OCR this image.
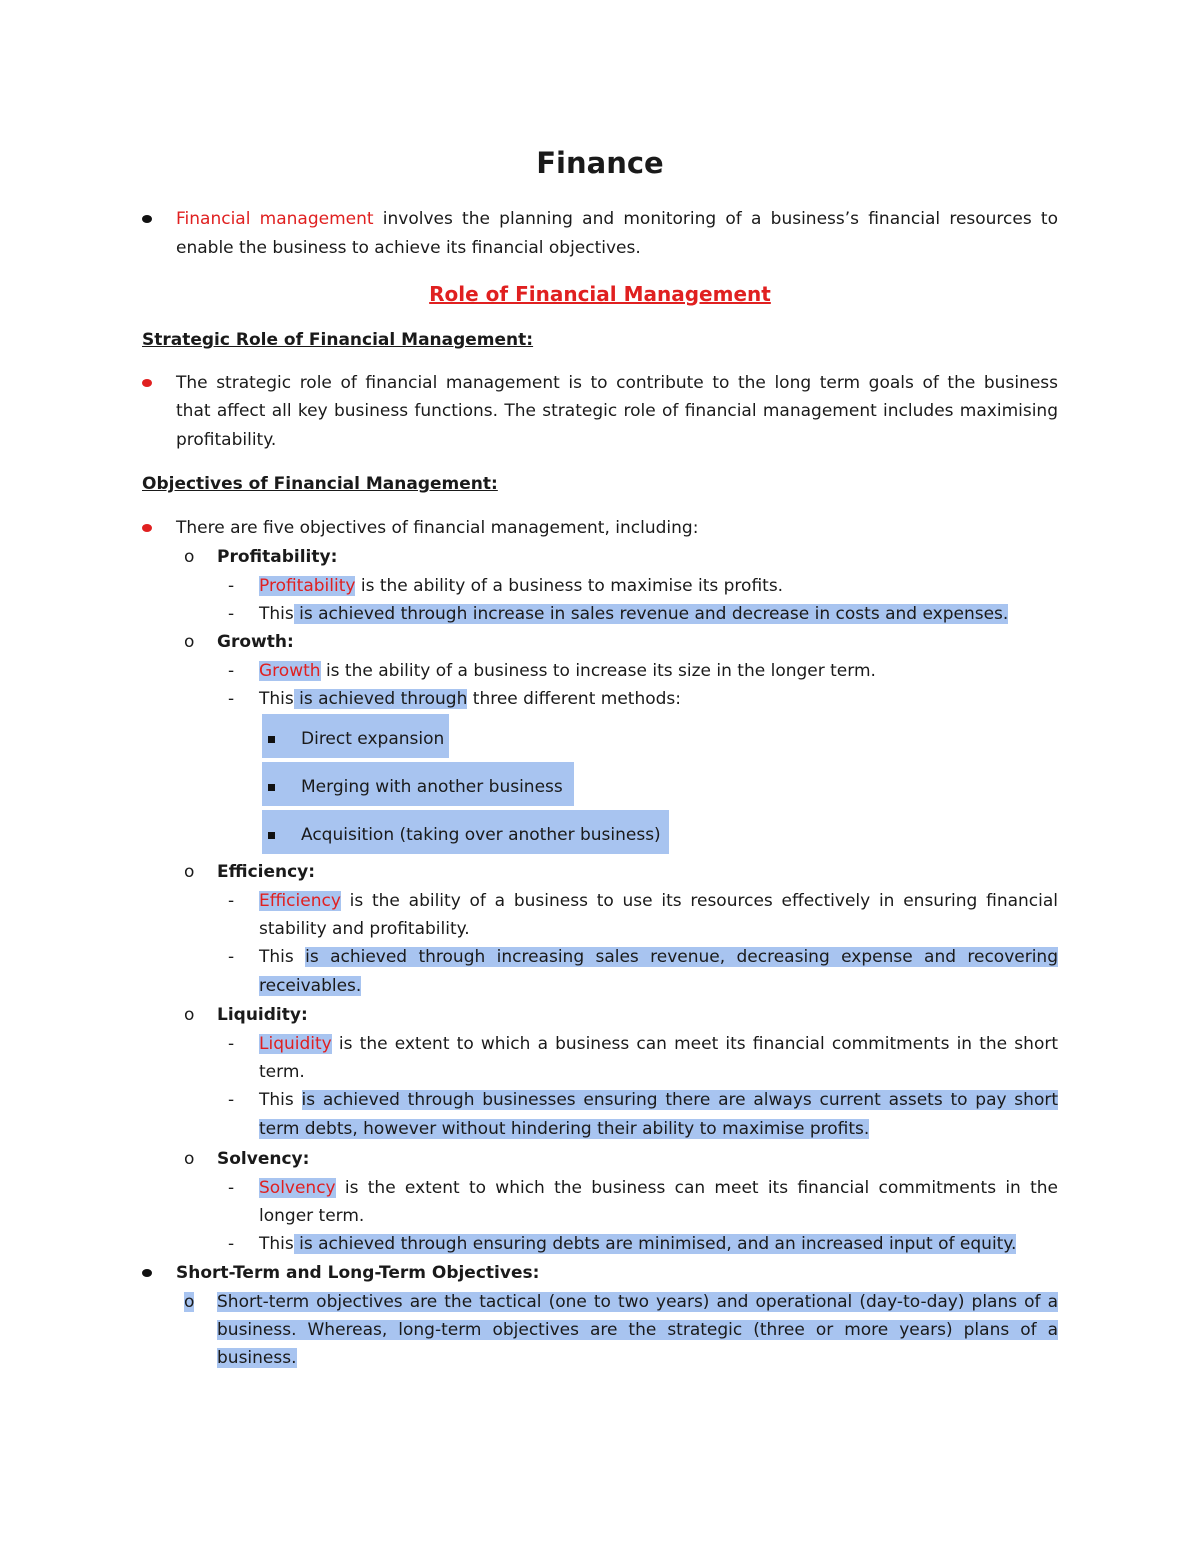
Finance
Financial management involves the planning and monitoring of a business’s financial resources to
enable the business to achieve its financial objectives.
Role of Financial Management
Strategic Role of Financial Management:
The strategic role of financial management is to contribute to the long term goals of the business
that affect all key business functions. The strategic role of financial management includes maximising
profitability.
Objectives of Financial Management:
There are five objectives of financial management, including:
o Profitability:
- Profitability is the ability of a business to maximise its profits.
- This is achieved through increase in sales revenue and decrease in costs and expenses.
o Growth:
- Growth is the ability of a business to increase its size in the longer term.
- This is achieved through three different methods:
Direct expansion
Merging with another business
Acquisition (taking over another business)
o Efficiency:
- Efficiency is the ability of a business to use its resources effectively in ensuring financial
stability and profitability.
- This is achieved through increasing sales revenue, decreasing expense and recovering
receivables.
o Liquidity:
- Liquidity is the extent to which a business can meet its financial commitments in the short
term.
- This is achieved through businesses ensuring there are always current assets to pay short
term debts, however without hindering their ability to maximise profits.
o Solvency:
- Solvency is the extent to which the business can meet its financial commitments in the
longer term.
- This is achieved through ensuring debts are minimised, and an increased input of equity.
Short-Term and Long-Term Objectives:
o Short-term objectives are the tactical (one to two years) and operational (day-to-day) plans of a
business. Whereas, long-term objectives are the strategic (three or more years) plans of a
business.
